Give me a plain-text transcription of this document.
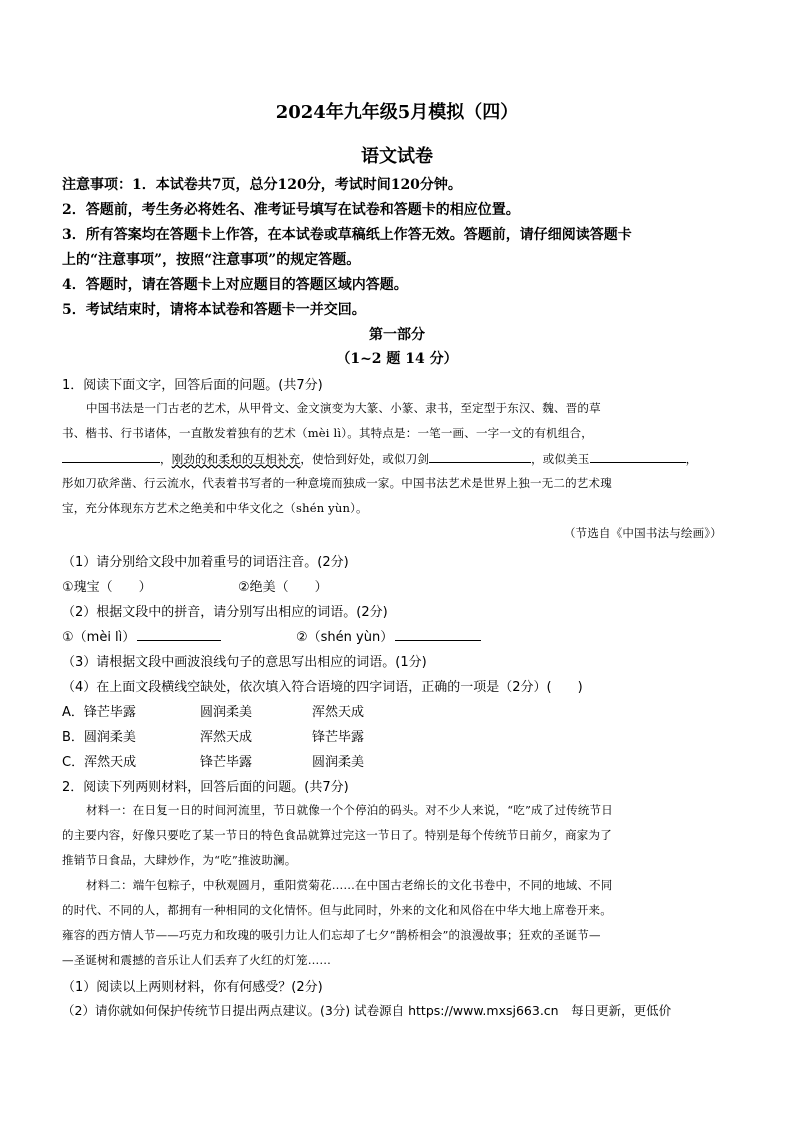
2024年九年级5月模拟（四）
语文试卷
注意事项：1．本试卷共7页，总分120分，考试时间120分钟。
2．答题前，考生务必将姓名、准考证号填写在试卷和答题卡的相应位置。
3．所有答案均在答题卡上作答，在本试卷或草稿纸上作答无效。答题前，请仔细阅读答题卡
上的“注意事项”，按照“注意事项”的规定答题。
4．答题时，请在答题卡上对应题目的答题区域内答题。
5．考试结束时，请将本试卷和答题卡一并交回。
第一部分
（1~2 题 14 分）
1．阅读下面文字，回答后面的问题。(共7分)
中国书法是一门古老的艺术，从甲骨文、金文演变为大篆、小篆、隶书，至定型于东汉、魏、晋的草
书、楷书、行书诸体，一直散发着独有的艺术（mèi lì）。其特点是：一笔一画、一字一文的有机组合，
，刚劲的和柔和的互相补充，使恰到好处，或似刀剑	，或似美玉	，
彤如刀砍斧凿、行云流水，代表着书写者的一种意境而独成一家。中国书法艺术是世界上独一无二的艺术瑰
宝，充分体现东方艺术之绝美和中华文化之（shén yùn）。
（节选自《中国书法与绘画》）
（1）请分别给文段中加着重号的词语注音。(2分)
①瑰宝（　　）	②绝美（　　）
（2）根据文段中的拼音，请分别写出相应的词语。(2分)
①（mèi lì）	②（shén yùn）
（3）请根据文段中画波浪线句子的意思写出相应的词语。(1分)
（4）在上面文段横线空缺处，依次填入符合语境的四字词语，正确的一项是（2分）(　　)
A．锋芒毕露	圆润柔美	浑然天成
B．圆润柔美	浑然天成	锋芒毕露
C．浑然天成	锋芒毕露	圆润柔美
2．阅读下列两则材料，回答后面的问题。(共7分)
材料一：在日复一日的时间河流里，节日就像一个个停泊的码头。对不少人来说，“吃”成了过传统节日
的主要内容，好像只要吃了某一节日的特色食品就算过完这一节日了。特别是每个传统节日前夕，商家为了
推销节日食品，大肆炒作，为“吃”推波助澜。
材料二：端午包粽子，中秋观圆月，重阳赏菊花……在中国古老绵长的文化书卷中，不同的地域、不同
的时代、不同的人，都拥有一种相同的文化情怀。但与此同时，外来的文化和风俗在中华大地上席卷开来。
雍容的西方情人节——巧克力和玫瑰的吸引力让人们忘却了七夕“鹊桥相会”的浪漫故事；狂欢的圣诞节—
—圣诞树和震撼的音乐让人们丢弃了火红的灯笼……
（1）阅读以上两则材料，你有何感受？(2分)
（2）请你就如何保护传统节日提出两点建议。(3分) 试卷源自 https://www.mxsj663.cn　每日更新，更低价
